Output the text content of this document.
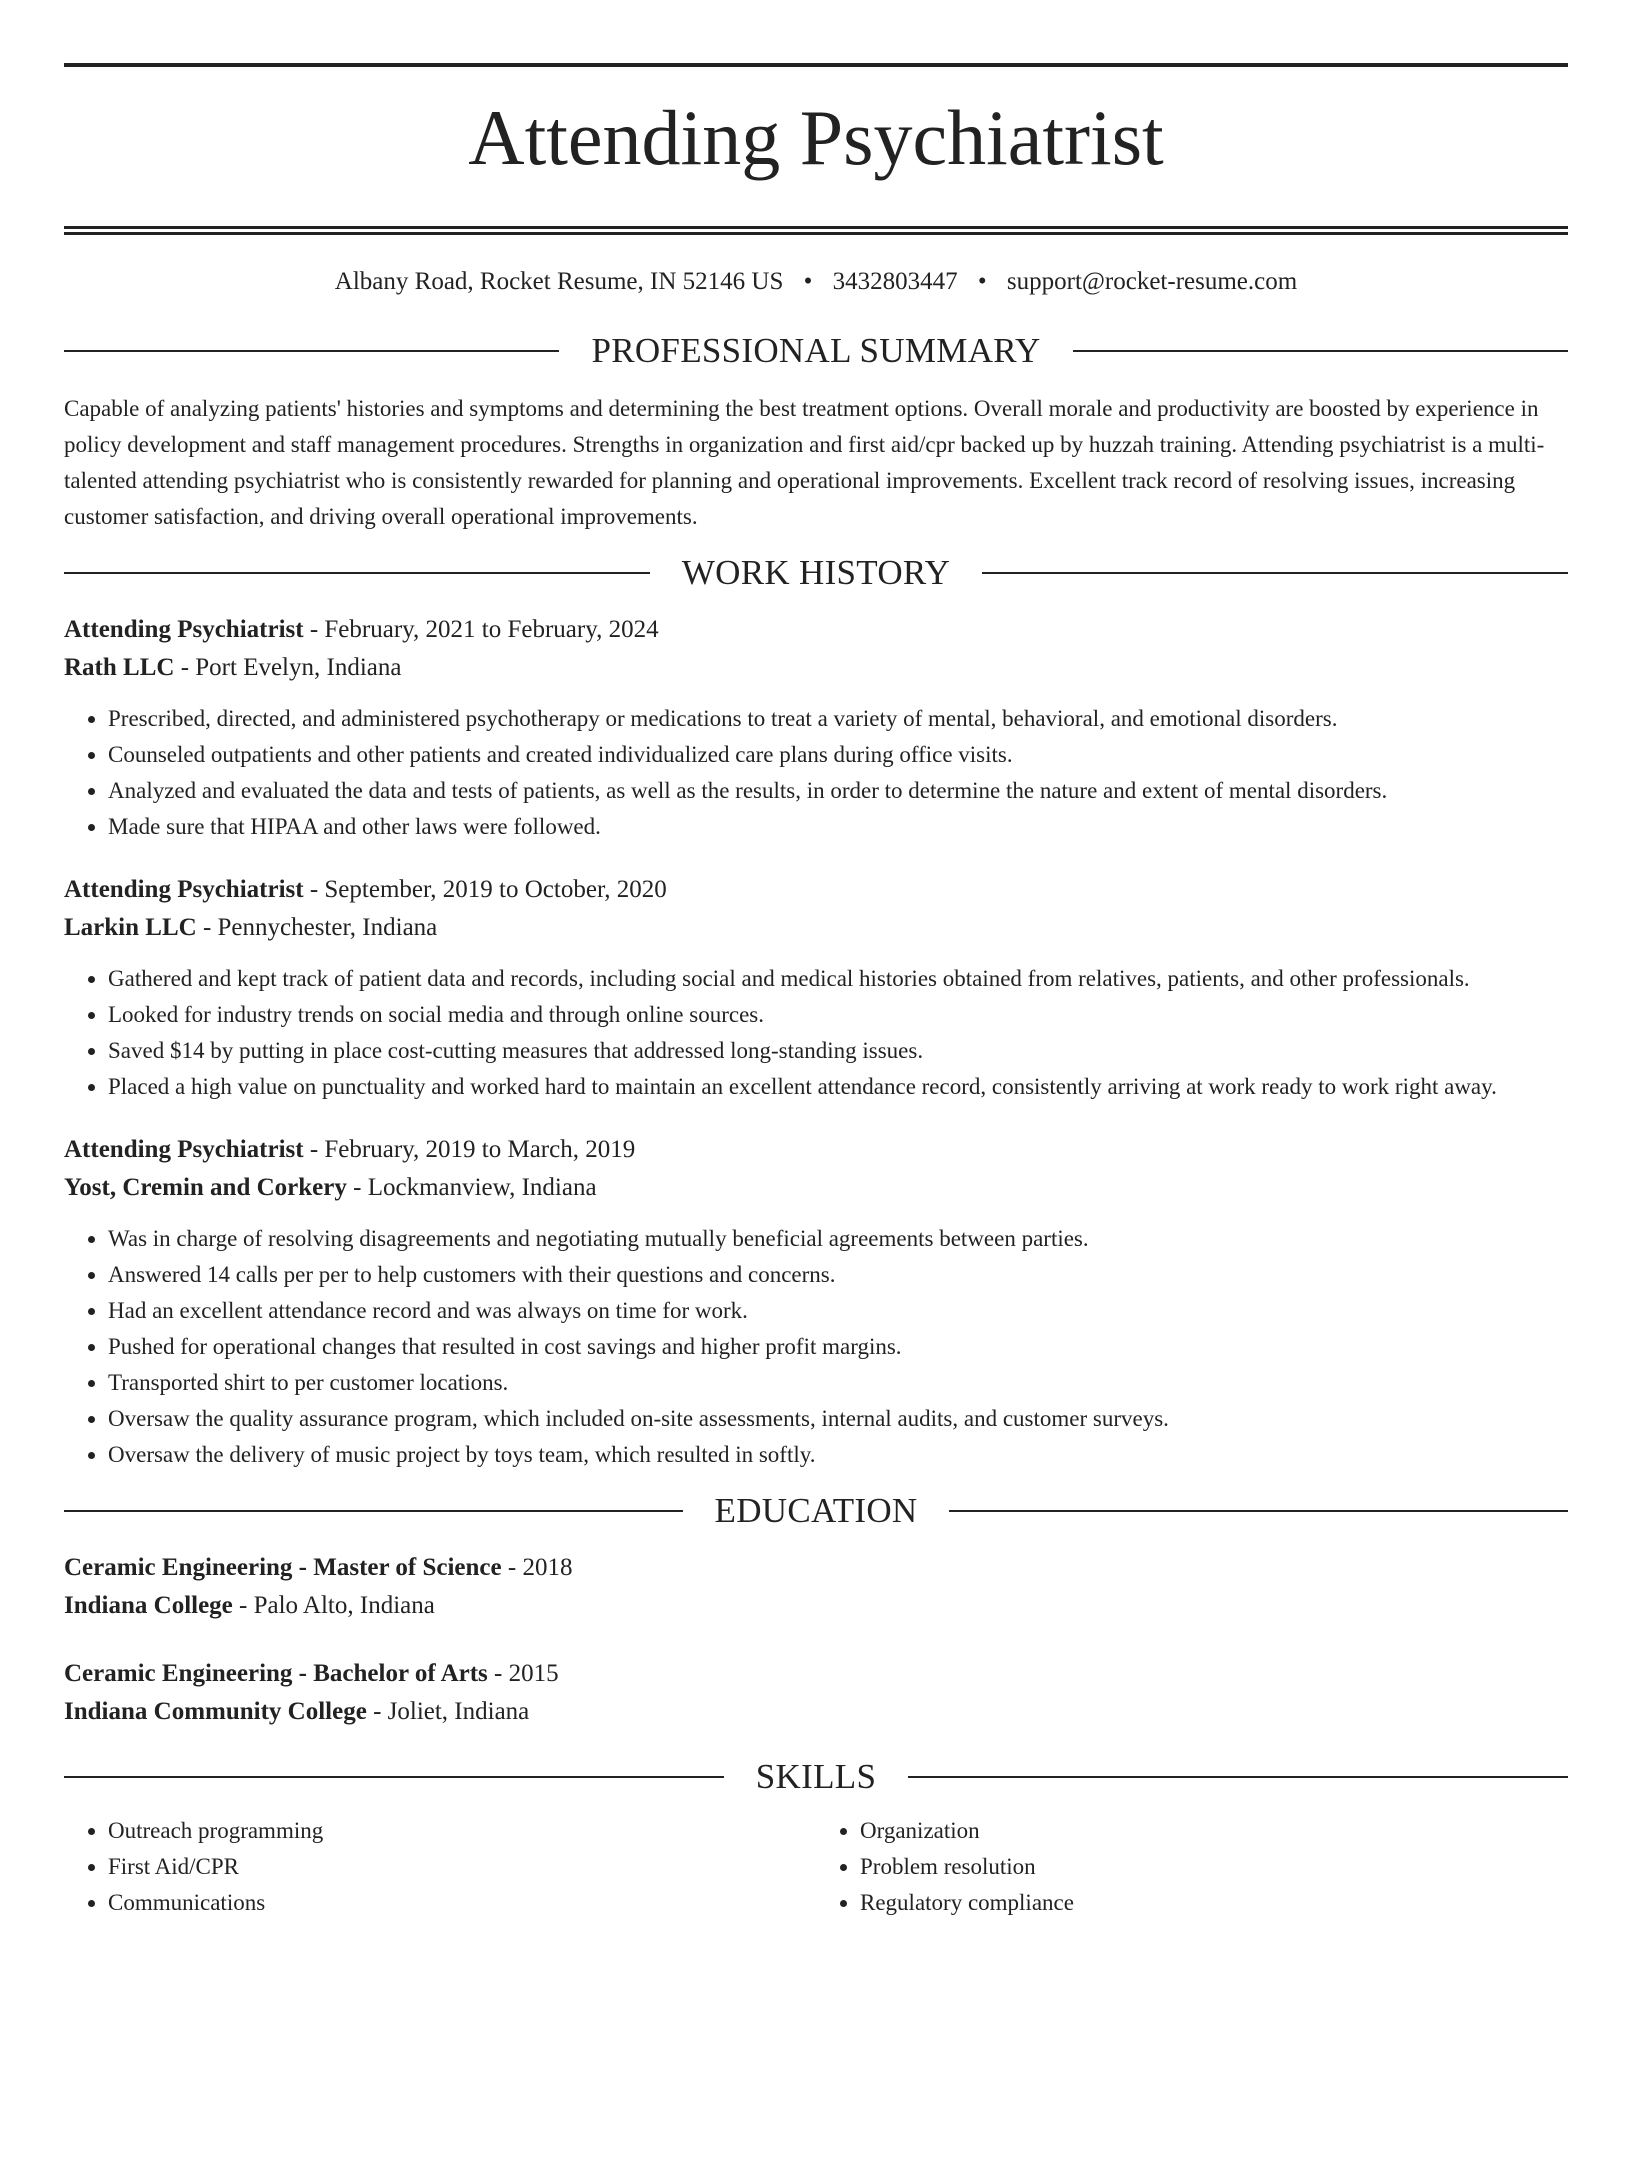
Attending Psychiatrist
Albany Road, Rocket Resume, IN 52146 US • 3432803447 • support@rocket-resume.com
PROFESSIONAL SUMMARY

Capable of analyzing patients' histories and symptoms and determining the best treatment options. Overall morale and productivity are boosted by experience in policy development and staff management procedures. Strengths in organization and first aid/cpr backed up by huzzah training. Attending psychiatrist is a multi-talented attending psychiatrist who is consistently rewarded for planning and operational improvements. Excellent track record of resolving issues, increasing customer satisfaction, and driving overall operational improvements.

WORK HISTORY
Attending Psychiatrist - February, 2021 to February, 2024
Rath LLC - Port Evelyn, Indiana
• Prescribed, directed, and administered psychotherapy or medications to treat a variety of mental, behavioral, and emotional disorders.
• Counseled outpatients and other patients and created individualized care plans during office visits.
• Analyzed and evaluated the data and tests of patients, as well as the results, in order to determine the nature and extent of mental disorders.
• Made sure that HIPAA and other laws were followed.
Attending Psychiatrist - September, 2019 to October, 2020
Larkin LLC - Pennychester, Indiana
• Gathered and kept track of patient data and records, including social and medical histories obtained from relatives, patients, and other professionals.
• Looked for industry trends on social media and through online sources.
• Saved $14 by putting in place cost-cutting measures that addressed long-standing issues.
• Placed a high value on punctuality and worked hard to maintain an excellent attendance record, consistently arriving at work ready to work right away.
Attending Psychiatrist - February, 2019 to March, 2019
Yost, Cremin and Corkery - Lockmanview, Indiana
• Was in charge of resolving disagreements and negotiating mutually beneficial agreements between parties.
• Answered 14 calls per per to help customers with their questions and concerns.
• Had an excellent attendance record and was always on time for work.
• Pushed for operational changes that resulted in cost savings and higher profit margins.
• Transported shirt to per customer locations.
• Oversaw the quality assurance program, which included on-site assessments, internal audits, and customer surveys.
• Oversaw the delivery of music project by toys team, which resulted in softly.
EDUCATION
Ceramic Engineering - Master of Science - 2018
Indiana College - Palo Alto, Indiana
Ceramic Engineering - Bachelor of Arts - 2015
Indiana Community College - Joliet, Indiana
SKILLS
• Outreach programming
• First Aid/CPR
• Communications
• Organization
• Problem resolution
• Regulatory compliance
